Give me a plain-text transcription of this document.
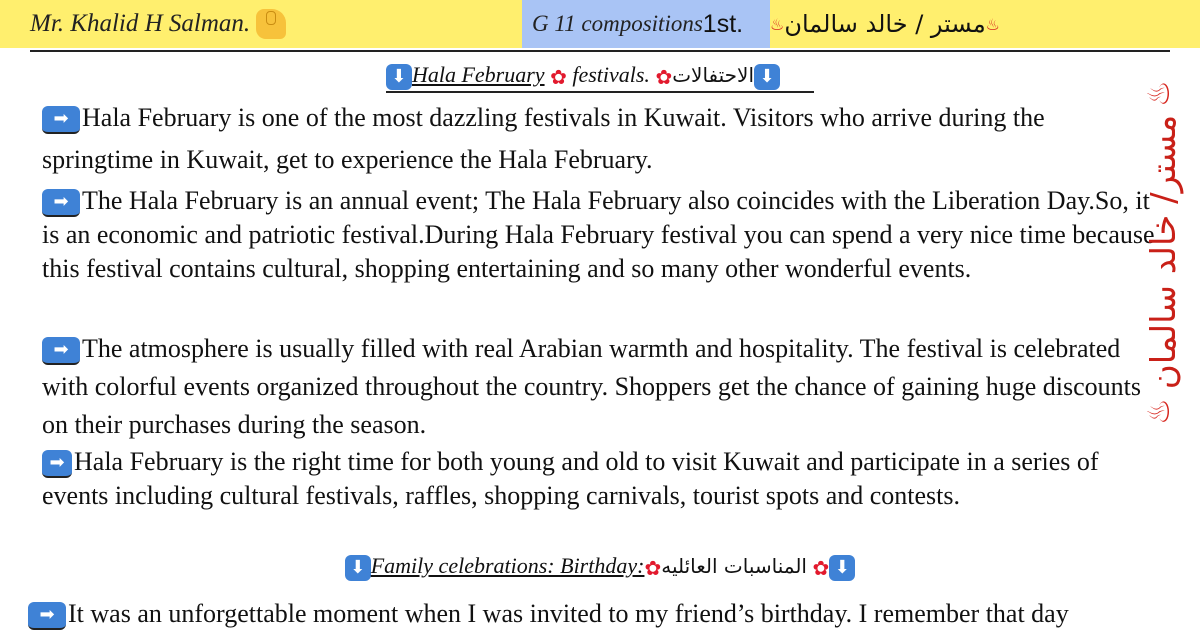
Mr. Khalid H Salman.	G 11 compositions 1st.	♨
مستر / خالد سالمان
♨
⬇ Hala February ✿ festivals. ✿الاحتفالات ⬇
➡ Hala February is one of the most dazzling festivals in Kuwait. Visitors who arrive during the springtime in Kuwait, get to experience the Hala February.
➡ The Hala February is an annual event; The Hala February also coincides with the Liberation Day.So, it is an economic and patriotic festival.During Hala February festival you can spend a very nice time because this festival contains cultural, shopping entertaining and so many other wonderful events.
➡ The atmosphere is usually filled with real Arabian warmth and hospitality. The festival is celebrated with colorful events organized throughout the country. Shoppers get the chance of gaining huge discounts on their purchases during the season.
➡ Hala February is the right time for both young and old to visit Kuwait and participate in a series of events including cultural festivals, raffles, shopping carnivals, tourist spots and contests.
⬇ Family celebrations: Birthday:✿المناسبات العائليه ✿ ⬇
➡ It was an unforgettable moment when I was invited to my friend’s birthday. I remember that day
♨
مستر/ خالد سالمان
♨
